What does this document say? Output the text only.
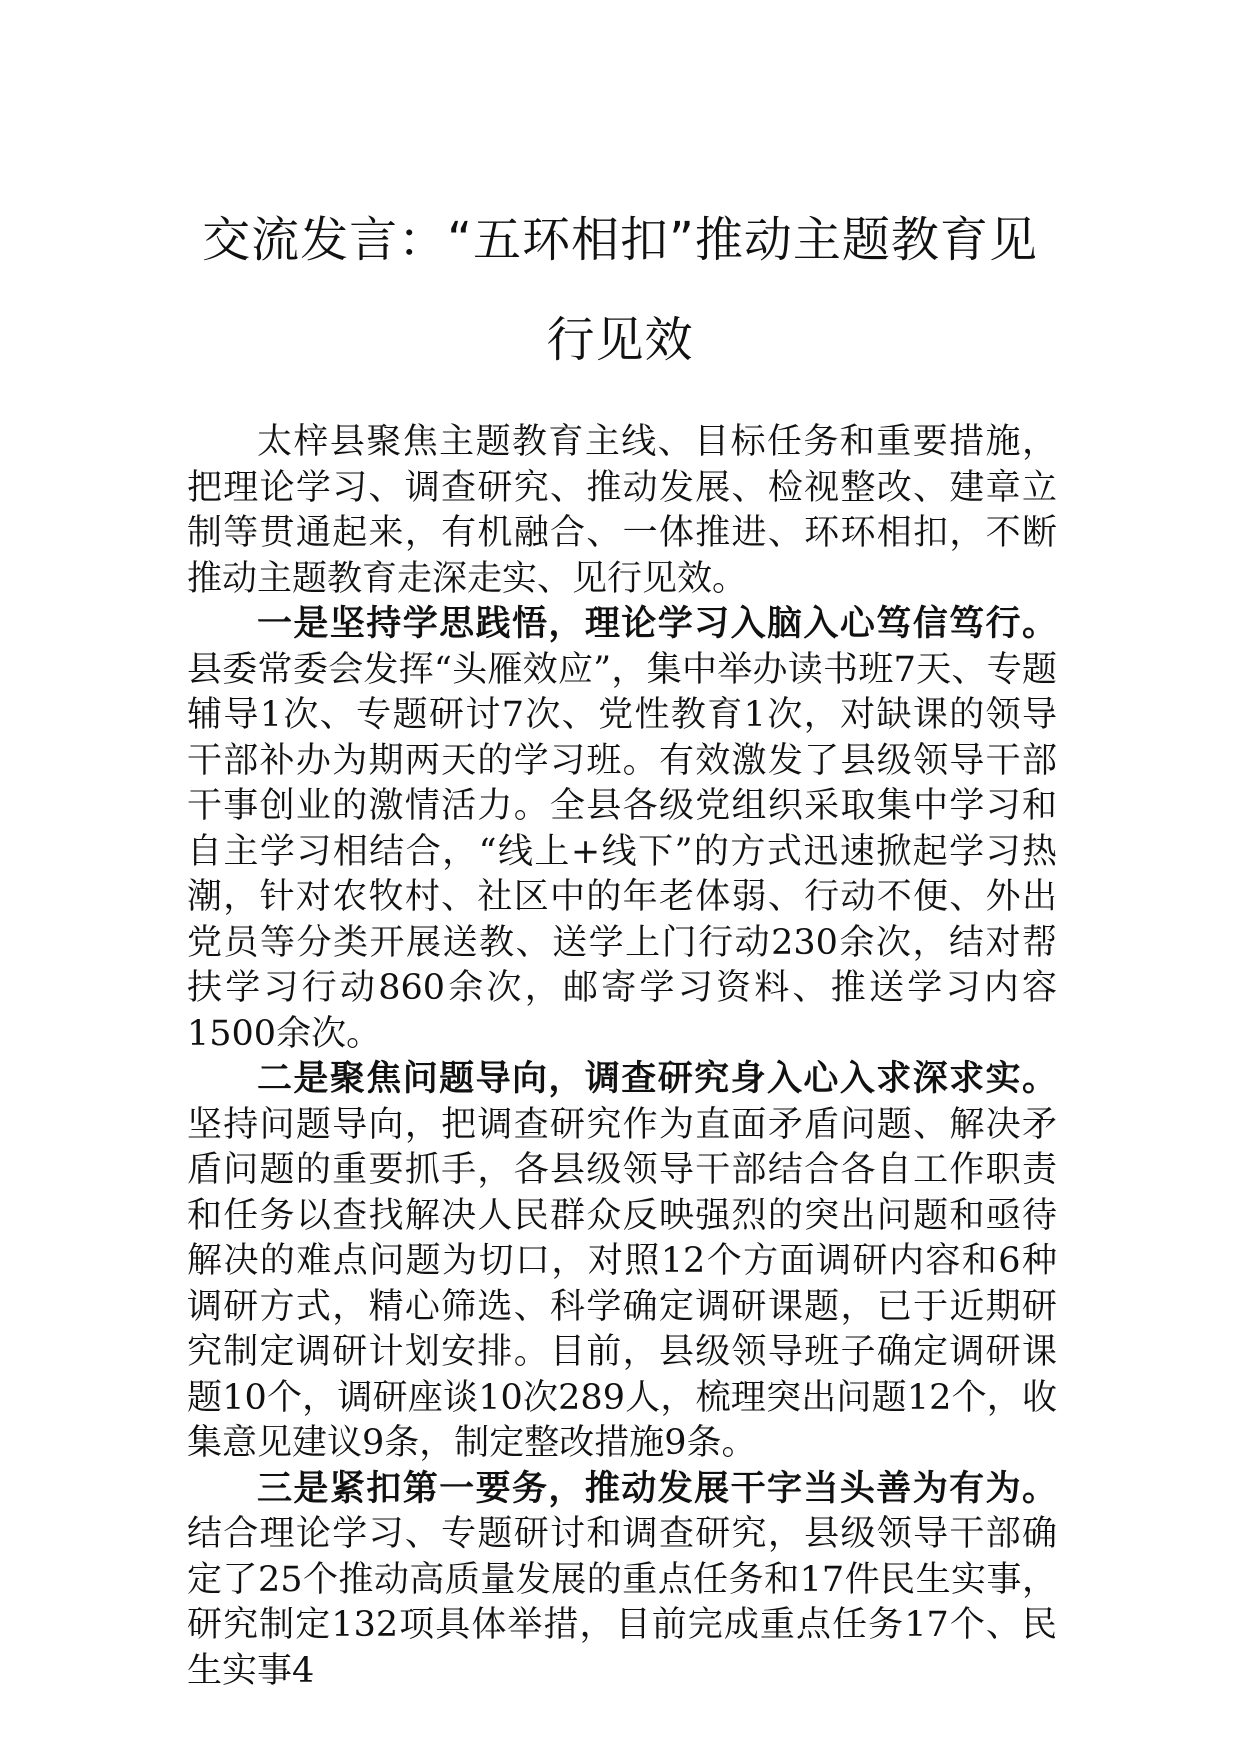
交流发言：“五环相扣”推动主题教育见
行见效

太梓县聚焦主题教育主线、目标任务和重要措施，把理论学习、调查研究、推动发展、检视整改、建章立制等贯通起来，有机融合、一体推进、环环相扣，不断推动主题教育走深走实、见行见效。

一是坚持学思践悟，理论学习入脑入心笃信笃行。县委常委会发挥“头雁效应”，集中举办读书班7天、专题辅导1次、专题研讨7次、党性教育1次，对缺课的领导干部补办为期两天的学习班。有效激发了县级领导干部干事创业的激情活力。全县各级党组织采取集中学习和自主学习相结合，“线上+线下”的方式迅速掀起学习热潮，针对农牧村、社区中的年老体弱、行动不便、外出党员等分类开展送教、送学上门行动230余次，结对帮扶学习行动860余次，邮寄学习资料、推送学习内容1500余次。

二是聚焦问题导向，调查研究身入心入求深求实。坚持问题导向，把调查研究作为直面矛盾问题、解决矛盾问题的重要抓手，各县级领导干部结合各自工作职责和任务以查找解决人民群众反映强烈的突出问题和亟待解决的难点问题为切口，对照12个方面调研内容和6种调研方式，精心筛选、科学确定调研课题，已于近期研究制定调研计划安排。目前，县级领导班子确定调研课题10个，调研座谈10次289人，梳理突出问题12个，收集意见建议9条，制定整改措施9条。

三是紧扣第一要务，推动发展干字当头善为有为。结合理论学习、专题研讨和调查研究，县级领导干部确定了25个推动高质量发展的重点任务和17件民生实事，研究制定132项具体举措，目前完成重点任务17个、民生实事4
